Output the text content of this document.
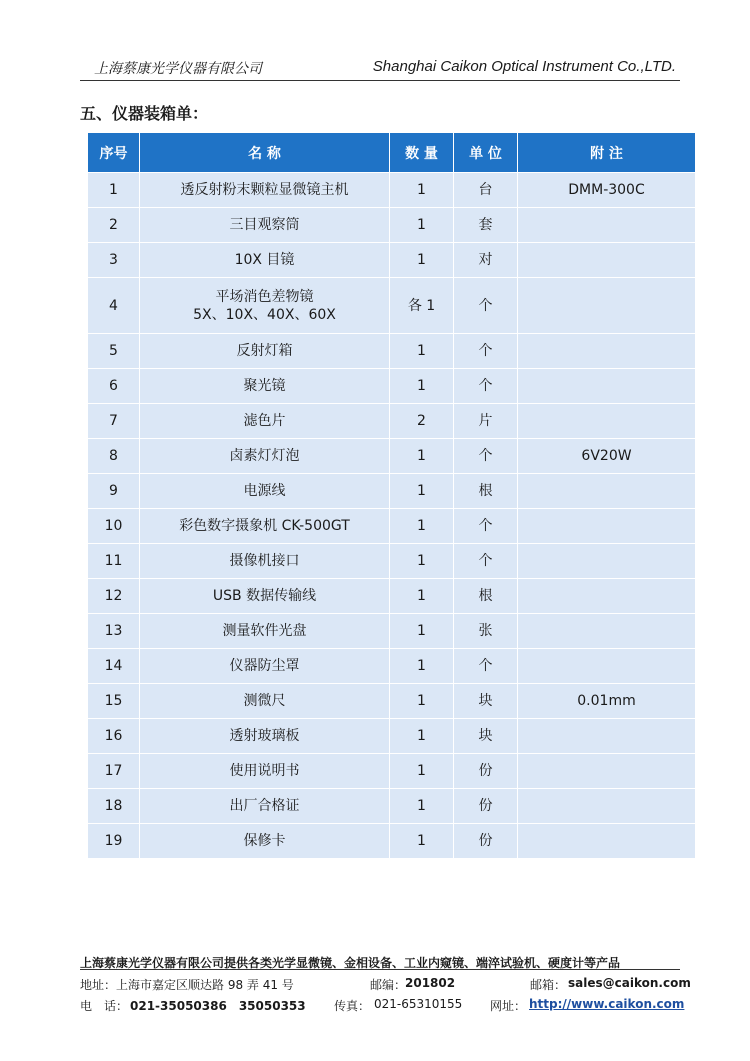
上海蔡康光学仪器有限公司	Shanghai Caikon Optical Instrument Co.,LTD.
五、仪器装箱单：
序号	名 称	数 量	单 位	附 注
1	透反射粉末颗粒显微镜主机	1	台	DMM-300C
2	三目观察筒	1	套	
3	10X 目镜	1	对	
4	平场消色差物镜
5X、10X、40X、60X	各 1	个	
5	反射灯箱	1	个	
6	聚光镜	1	个	
7	滤色片	2	片	
8	卤素灯灯泡	1	个	6V20W
9	电源线	1	根	
10	彩色数字摄象机 CK-500GT	1	个	
11	摄像机接口	1	个	
12	USB 数据传输线	1	根	
13	测量软件光盘	1	张	
14	仪器防尘罩	1	个	
15	测微尺	1	块	0.01mm
16	透射玻璃板	1	块	
17	使用说明书	1	份	
18	出厂合格证	1	份	
19	保修卡	1	份	
上海蔡康光学仪器有限公司提供各类光学显微镜、金相设备、工业内窥镜、端淬试验机、硬度计等产品
地址： 上海市嘉定区顺达路 98 弄 41 号	邮编：
201802	邮箱： sales@caikon.com
电　话： 021-35050386　35050353 传真： 021-65310155 网址： http://www.caikon.com
